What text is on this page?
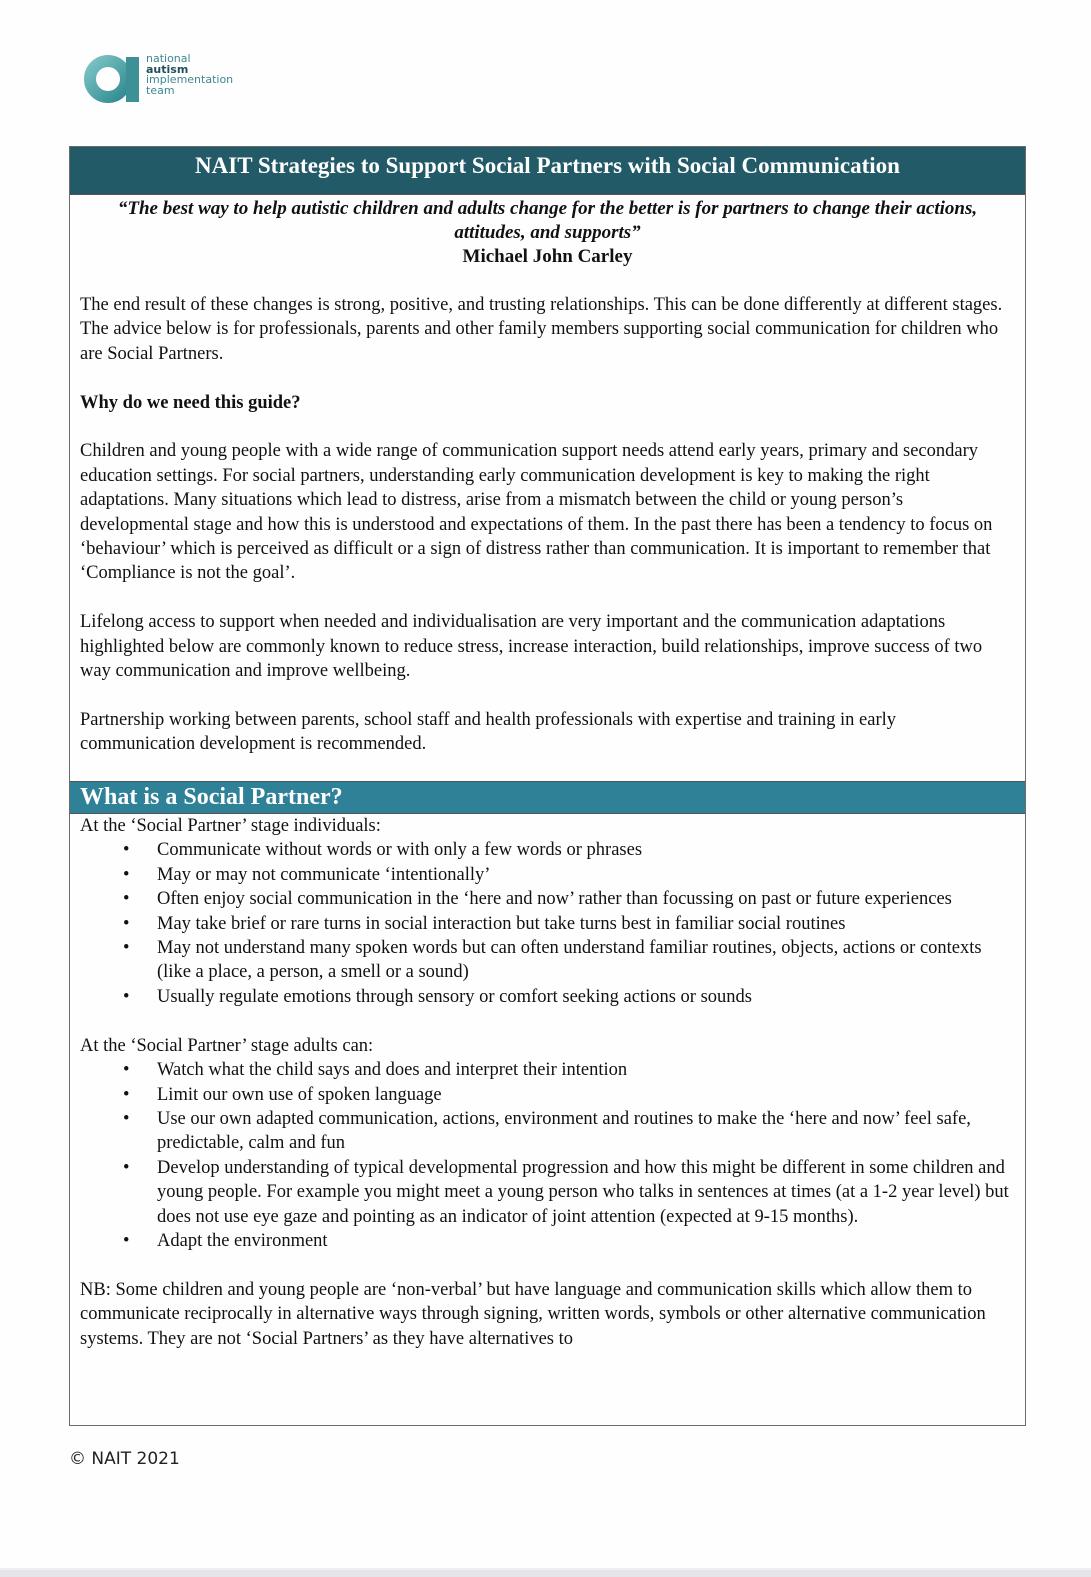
national
autism
implementation
team
NAIT Strategies to Support Social Partners with Social Communication
“The best way to help autistic children and adults change for the better is for partners to change their actions, attitudes, and supports”
Michael John Carley

The end result of these changes is strong, positive, and trusting relationships. This can be done differently at different stages. The advice below is for professionals, parents and other family members supporting social communication for children who are Social Partners.

Why do we need this guide?

Children and young people with a wide range of communication support needs attend early years, primary and secondary education settings. For social partners, understanding early communication development is key to making the right adaptations. Many situations which lead to distress, arise from a mismatch between the child or young person’s developmental stage and how this is understood and expectations of them. In the past there has been a tendency to focus on ‘behaviour’ which is perceived as difficult or a sign of distress rather than communication. It is important to remember that ‘Compliance is not the goal’.

Lifelong access to support when needed and individualisation are very important and the communication adaptations highlighted below are commonly known to reduce stress, increase interaction, build relationships, improve success of two way communication and improve wellbeing.

Partnership working between parents, school staff and health professionals with expertise and training in early communication development is recommended.

What is a Social Partner?
At the ‘Social Partner’ stage individuals:
• Communicate without words or with only a few words or phrases
• May or may not communicate ‘intentionally’
• Often enjoy social communication in the ‘here and now’ rather than focussing on past or future experiences
• May take brief or rare turns in social interaction but take turns best in familiar social routines
• May not understand many spoken words but can often understand familiar routines, objects, actions or contexts (like a place, a person, a smell or a sound)
• Usually regulate emotions through sensory or comfort seeking actions or sounds
At the ‘Social Partner’ stage adults can:
• Watch what the child says and does and interpret their intention
• Limit our own use of spoken language
• Use our own adapted communication, actions, environment and routines to make the ‘here and now’ feel safe, predictable, calm and fun
• Develop understanding of typical developmental progression and how this might be different in some children and young people. For example you might meet a young person who talks in sentences at times (at a 1-2 year level) but does not use eye gaze and pointing as an indicator of joint attention (expected at 9-15 months).
• Adapt the environment

NB: Some children and young people are ‘non-verbal’ but have language and communication skills which allow them to communicate reciprocally in alternative ways through signing, written words, symbols or other alternative communication systems. They are not ‘Social Partners’ as they have alternatives to

© NAIT 2021
